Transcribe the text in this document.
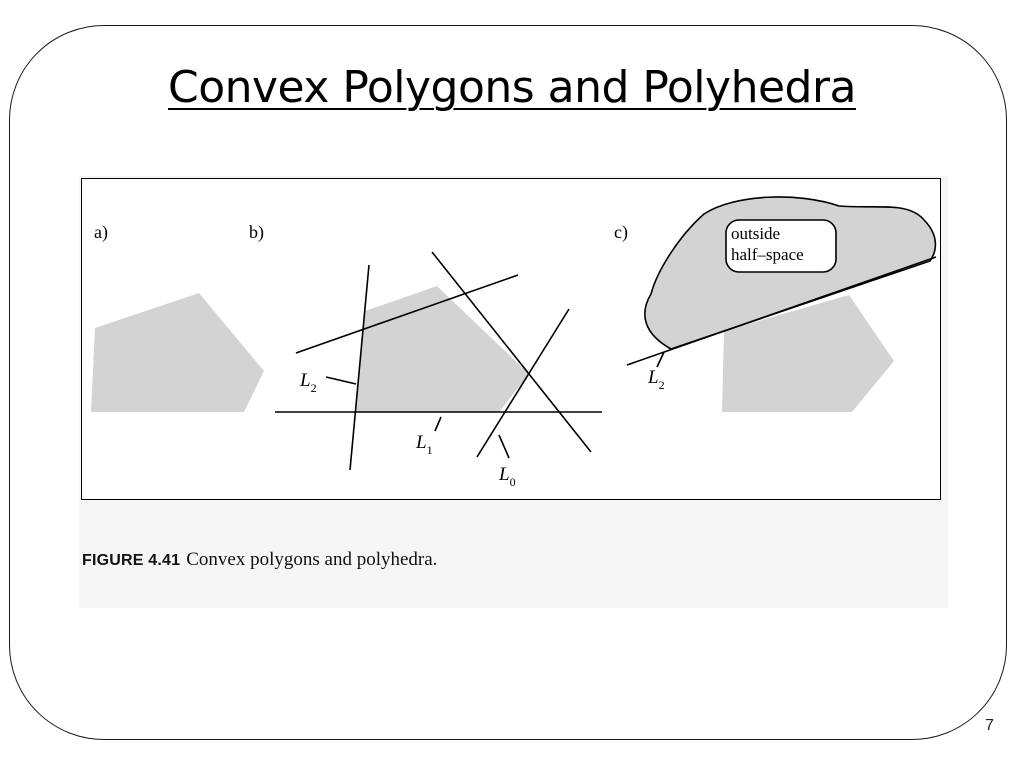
Convex Polygons and Polyhedra
a)	b)
$L_2$
$L_1$
$L_0$
outside
half–space
c)
$L_2$
FIGURE 4.41 Convex polygons and polyhedra.
7
